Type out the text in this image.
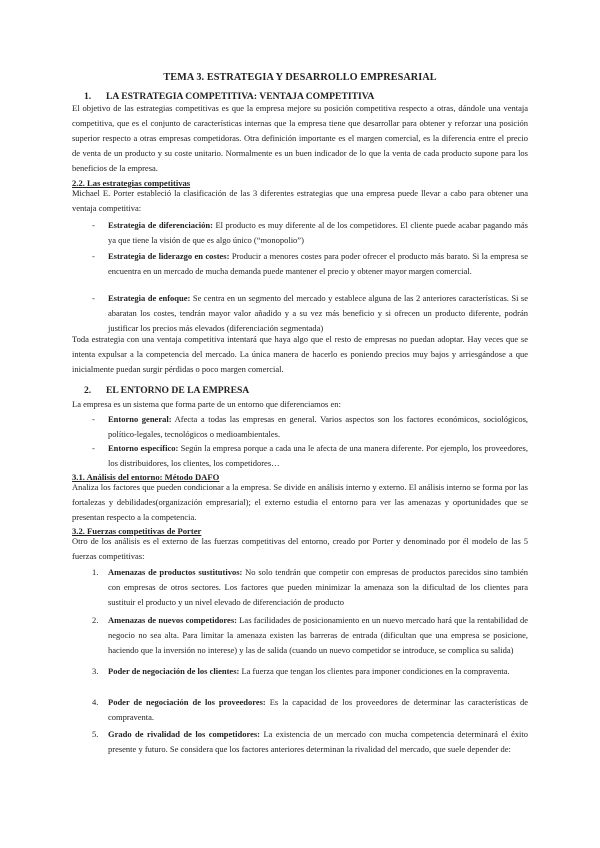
TEMA 3. ESTRATEGIA Y DESARROLLO EMPRESARIAL
1. LA ESTRATEGIA COMPETITIVA: VENTAJA COMPETITIVA
El objetivo de las estrategias competitivas es que la empresa mejore su posición competitiva respecto a otras, dándole una ventaja competitiva, que es el conjunto de características internas que la empresa tiene que desarrollar para obtener y reforzar una posición superior respecto a otras empresas competidoras. Otra definición importante es el margen comercial, es la diferencia entre el precio de venta de un producto y su coste unitario. Normalmente es un buen indicador de lo que la venta de cada producto supone para los beneficios de la empresa.
2.2. Las estrategias competitivas
Michael E. Porter estableció la clasificación de las 3 diferentes estrategias que una empresa puede llevar a cabo para obtener una ventaja competitiva:
- Estrategia de diferenciación: El producto es muy diferente al de los competidores. El cliente puede acabar pagando más ya que tiene la visión de que es algo único (“monopolio”)
- Estrategia de liderazgo en costes: Producir a menores costes para poder ofrecer el producto más barato. Si la empresa se encuentra en un mercado de mucha demanda puede mantener el precio y obtener mayor margen comercial.
- Estrategia de enfoque: Se centra en un segmento del mercado y establece alguna de las 2 anteriores características. Si se abaratan los costes, tendrán mayor valor añadido y a su vez más beneficio y si ofrecen un producto diferente, podrán justificar los precios más elevados (diferenciación segmentada)
Toda estrategia con una ventaja competitiva intentará que haya algo que el resto de empresas no puedan adoptar. Hay veces que se intenta expulsar a la competencia del mercado. La única manera de hacerlo es poniendo precios muy bajos y arriesgándose a que inicialmente puedan surgir pérdidas o poco margen comercial.
2. EL ENTORNO DE LA EMPRESA
La empresa es un sistema que forma parte de un entorno que diferenciamos en:
- Entorno general: Afecta a todas las empresas en general. Varios aspectos son los factores económicos, sociológicos, político-legales, tecnológicos o medioambientales.
- Entorno específico: Según la empresa porque a cada una le afecta de una manera diferente. Por ejemplo, los proveedores, los distribuidores, los clientes, los competidores…
3.1. Análisis del entorno: Método DAFO
Analiza los factores que pueden condicionar a la empresa. Se divide en análisis interno y externo. El análisis interno se forma por las fortalezas y debilidades(organización empresarial); el externo estudia el entorno para ver las amenazas y oportunidades que se presentan respecto a la competencia.
3.2. Fuerzas competitivas de Porter
Otro de los análisis es el externo de las fuerzas competitivas del entorno, creado por Porter y denominado por él modelo de las 5 fuerzas competitivas:
1. Amenazas de productos sustitutivos: No solo tendrán que competir con empresas de productos parecidos sino también con empresas de otros sectores. Los factores que pueden minimizar la amenaza son la dificultad de los clientes para sustituir el producto y un nivel elevado de diferenciación de producto
2. Amenazas de nuevos competidores: Las facilidades de posicionamiento en un nuevo mercado hará que la rentabilidad de negocio no sea alta. Para limitar la amenaza existen las barreras de entrada (dificultan que una empresa se posicione, haciendo que la inversión no interese) y las de salida (cuando un nuevo competidor se introduce, se complica su salida)
3. Poder de negociación de los clientes: La fuerza que tengan los clientes para imponer condiciones en la compraventa.
4. Poder de negociación de los proveedores: Es la capacidad de los proveedores de determinar las características de compraventa.
5. Grado de rivalidad de los competidores: La existencia de un mercado con mucha competencia determinará el éxito presente y futuro. Se considera que los factores anteriores determinan la rivalidad del mercado, que suele depender de:
